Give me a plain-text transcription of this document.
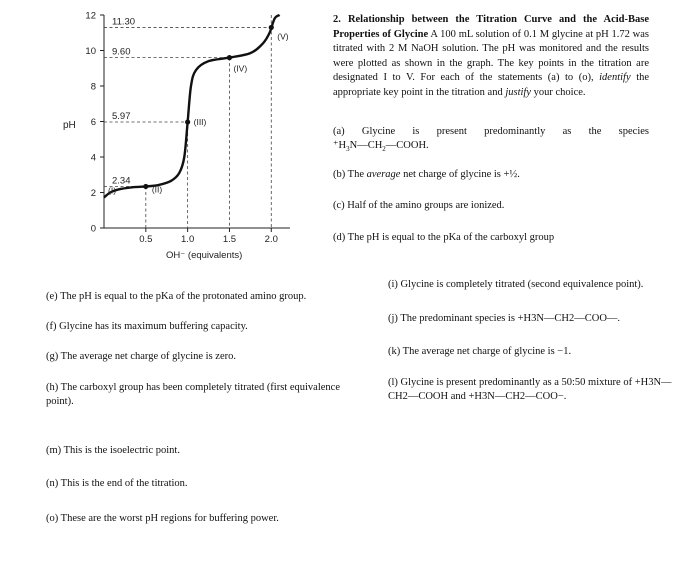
11.30
9.60
5.97
2.34
(I)	(II)
(III)
(IV)
(V)
0
2
4
6
8
10
12
0.5	1.0	1.5	2.0
pH
OH⁻ (equivalents)
2. Relationship between the Titration Curve and the Acid-Base Properties of Glycine A 100 mL solution of 0.1 M glycine at pH 1.72 was titrated with 2 M NaOH solution. The pH was monitored and the results were plotted as shown in the graph. The key points in the titration are designated I to V. For each of the statements (a) to (o), identify the appropriate key point in the titration and justify your choice.
(a) Glycine is present predominantly as the species
$^+H_3N—CH_2—COOH$.
(b) The average net charge of glycine is +½.
(c) Half of the amino groups are ionized.
(d) The pH is equal to the pKa of the carboxyl group
(e) The pH is equal to the pKa of the protonated amino group.
(f) Glycine has its maximum buffering capacity.
(g) The average net charge of glycine is zero.
(h) The carboxyl group has been completely titrated (first equivalence point).
(i) Glycine is completely titrated (second equivalence point).
(j) The predominant species is +H3N—CH2—COO—.
(k) The average net charge of glycine is −1.
(l) Glycine is present predominantly as a 50:50 mixture of +H3N—CH2—COOH and +H3N—CH2—COO−.
(m) This is the isoelectric point.
(n) This is the end of the titration.
(o) These are the worst pH regions for buffering power.
